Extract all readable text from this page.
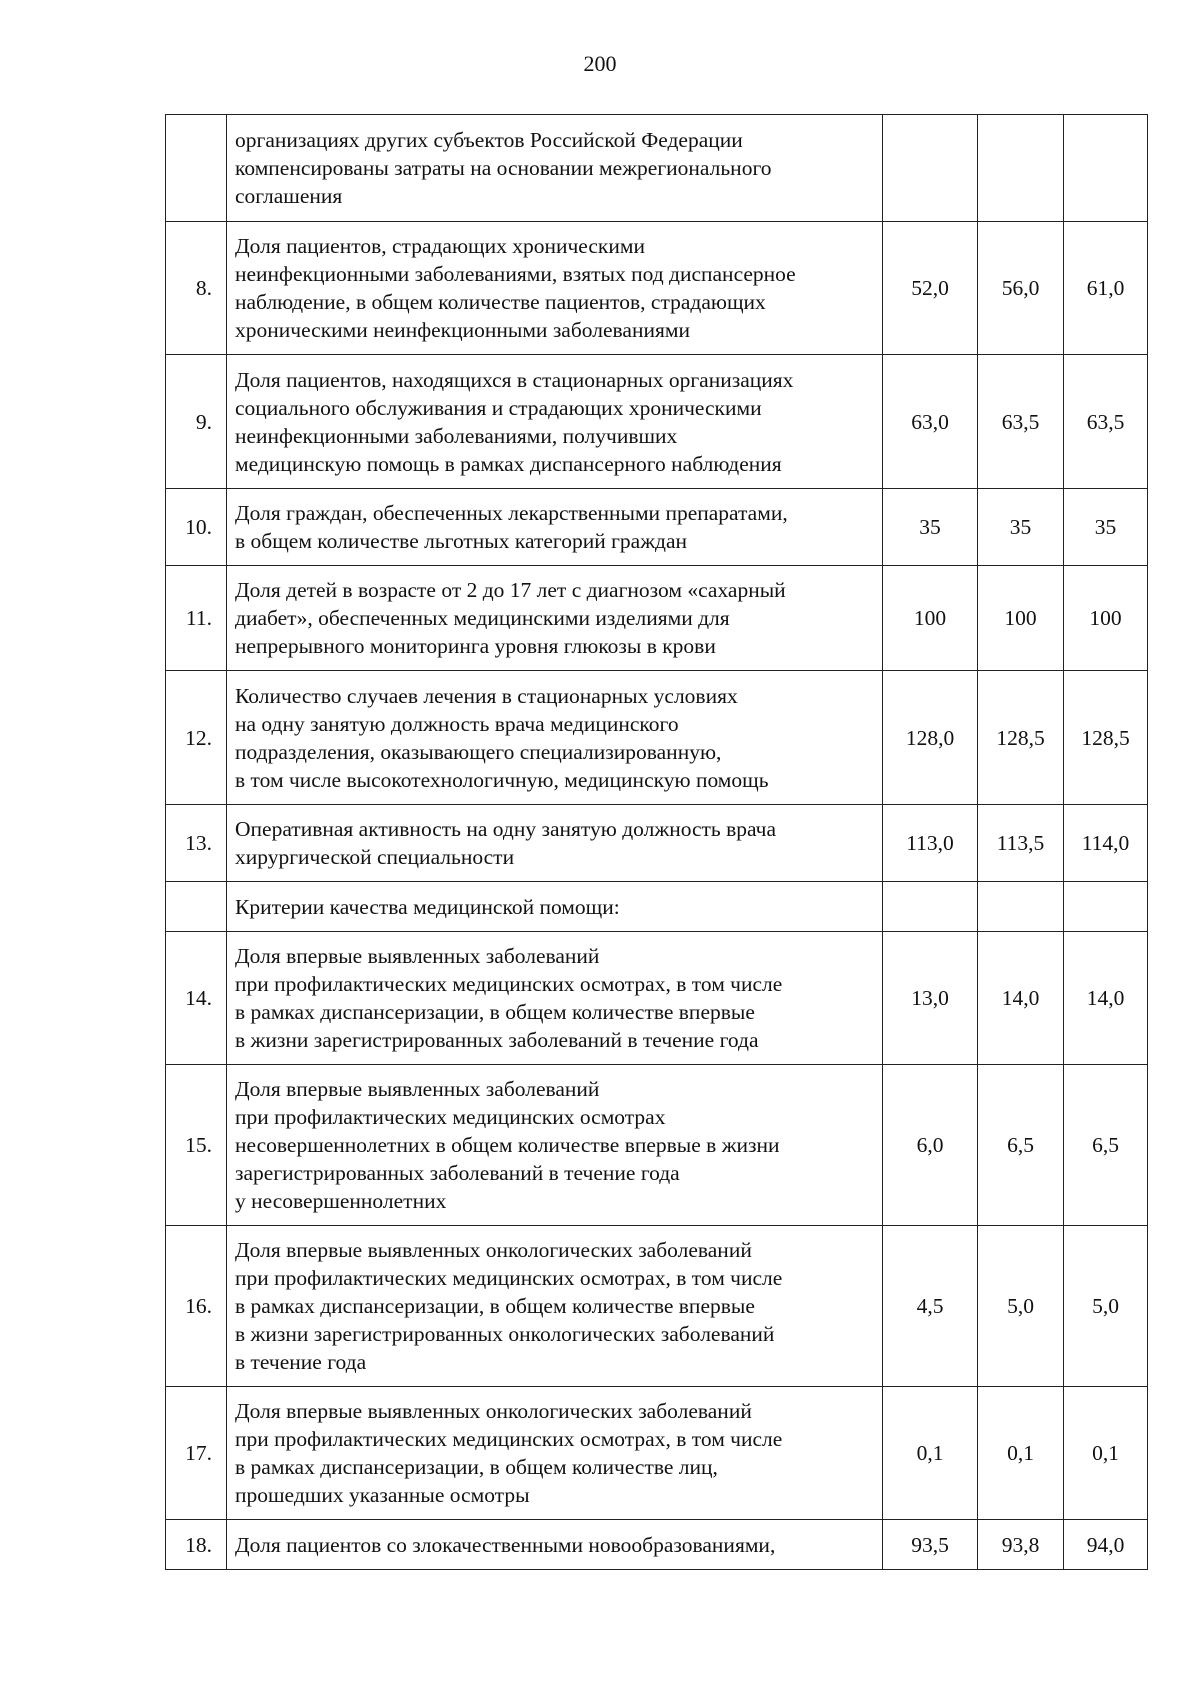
200

	организациях других субъектов Российской Федерации
компенсированы затраты на основании межрегионального
соглашения			

8.	Доля пациентов, страдающих хроническими
неинфекционными заболеваниями, взятых под диспансерное
наблюдение, в общем количестве пациентов, страдающих
хроническими неинфекционными заболеваниями	52,0	56,0	61,0
9.	Доля пациентов, находящихся в стационарных организациях
социального обслуживания и страдающих хроническими
неинфекционными заболеваниями, получивших
медицинскую помощь в рамках диспансерного наблюдения	63,0	63,5	63,5
10.	Доля граждан, обеспеченных лекарственными препаратами,
в общем количестве льготных категорий граждан	35	35	35
11.	Доля детей в возрасте от 2 до 17 лет с диагнозом «сахарный
диабет», обеспеченных медицинскими изделиями для
непрерывного мониторинга уровня глюкозы в крови	100	100	100
12.	Количество случаев лечения в стационарных условиях
на одну занятую должность врача медицинского
подразделения, оказывающего специализированную,
в том числе высокотехнологичную, медицинскую помощь	128,0	128,5	128,5
13.	Оперативная активность на одну занятую должность врача
хирургической специальности	113,0	113,5	114,0

	Критерии качества медицинской помощи:			

14.	Доля впервые выявленных заболеваний
при профилактических медицинских осмотрах, в том числе
в рамках диспансеризации, в общем количестве впервые
в жизни зарегистрированных заболеваний в течение года	13,0	14,0	14,0
15.	Доля впервые выявленных заболеваний
при профилактических медицинских осмотрах
несовершеннолетних в общем количестве впервые в жизни
зарегистрированных заболеваний в течение года
у несовершеннолетних	6,0	6,5	6,5
16.	Доля впервые выявленных онкологических заболеваний
при профилактических медицинских осмотрах, в том числе
в рамках диспансеризации, в общем количестве впервые
в жизни зарегистрированных онкологических заболеваний
в течение года	4,5	5,0	5,0
17.	Доля впервые выявленных онкологических заболеваний
при профилактических медицинских осмотрах, в том числе
в рамках диспансеризации, в общем количестве лиц,
прошедших указанные осмотры	0,1	0,1	0,1
18.	Доля пациентов со злокачественными новообразованиями,	93,5	93,8	94,0
